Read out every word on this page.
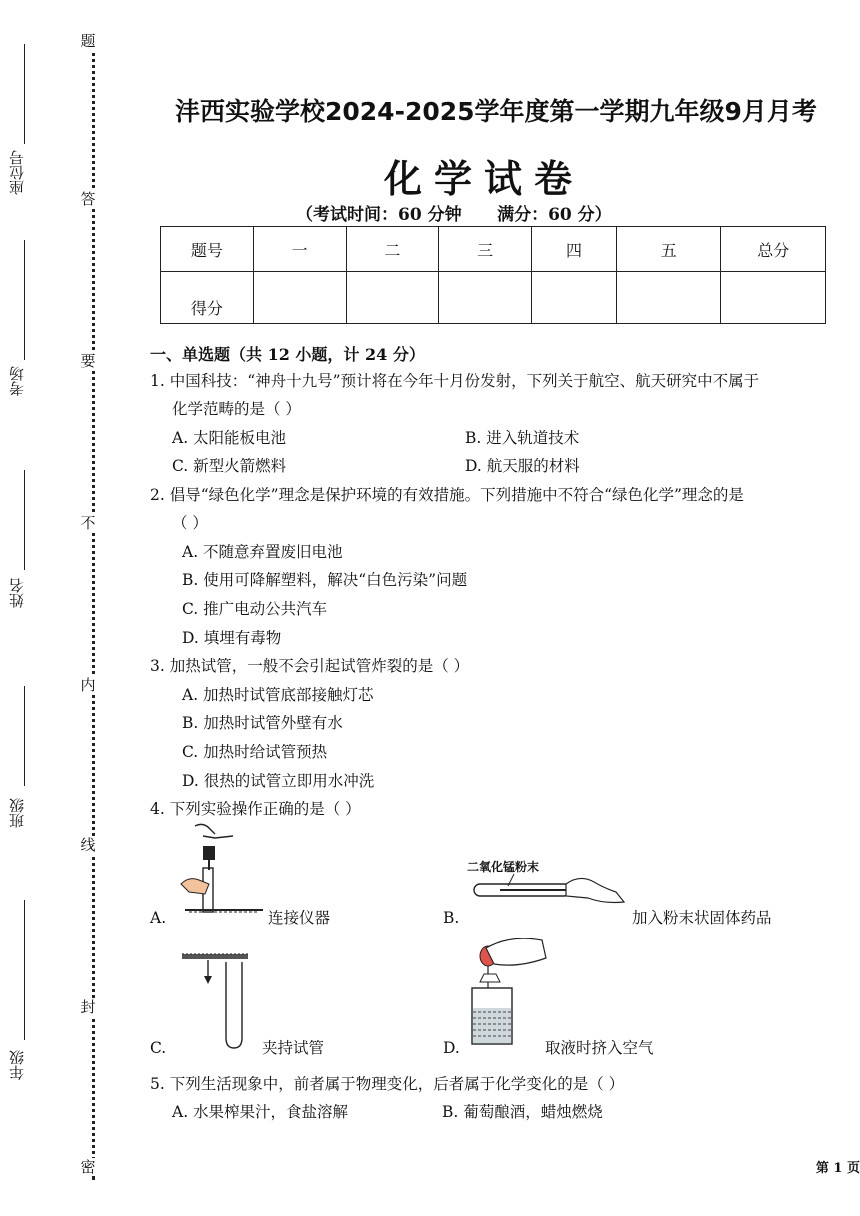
座位号
考场
姓名
班级
年级
题
答
要
不
内
线
封
密
沣西实验学校2024-2025学年度第一学期九年级9月月考
化学试卷
（考试时间：60 分钟      满分：60 分）
题号	一	二	三	四	五	总分
得分						
一、单选题（共 12 小题，计 24 分）
1. 中国科技：“神舟十九号”预计将在今年十月份发射，下列关于航空、航天研究中不属于
化学范畴的是（ ）
A. 太阳能板电池	B. 进入轨道技术
C. 新型火箭燃料	D. 航天服的材料
2. 倡导“绿色化学”理念是保护环境的有效措施。下列措施中不符合“绿色化学”理念的是
（ ）
A. 不随意弃置废旧电池
B. 使用可降解塑料，解决“白色污染”问题
C. 推广电动公共汽车
D. 填埋有毒物
3. 加热试管，一般不会引起试管炸裂的是（ ）
A. 加热时试管底部接触灯芯
B. 加热时试管外壁有水
C. 加热时给试管预热
D. 很热的试管立即用水冲洗
4. 下列实验操作正确的是（ ）
A.	连接仪器	B.
二氧化锰粉末
加入粉末状固体药品
C.	夹持试管	D.	取液时挤入空气
5. 下列生活现象中，前者属于物理变化，后者属于化学变化的是（ ）
A. 水果榨果汁，食盐溶解	B. 葡萄酿酒，蜡烛燃烧
第 1 页
